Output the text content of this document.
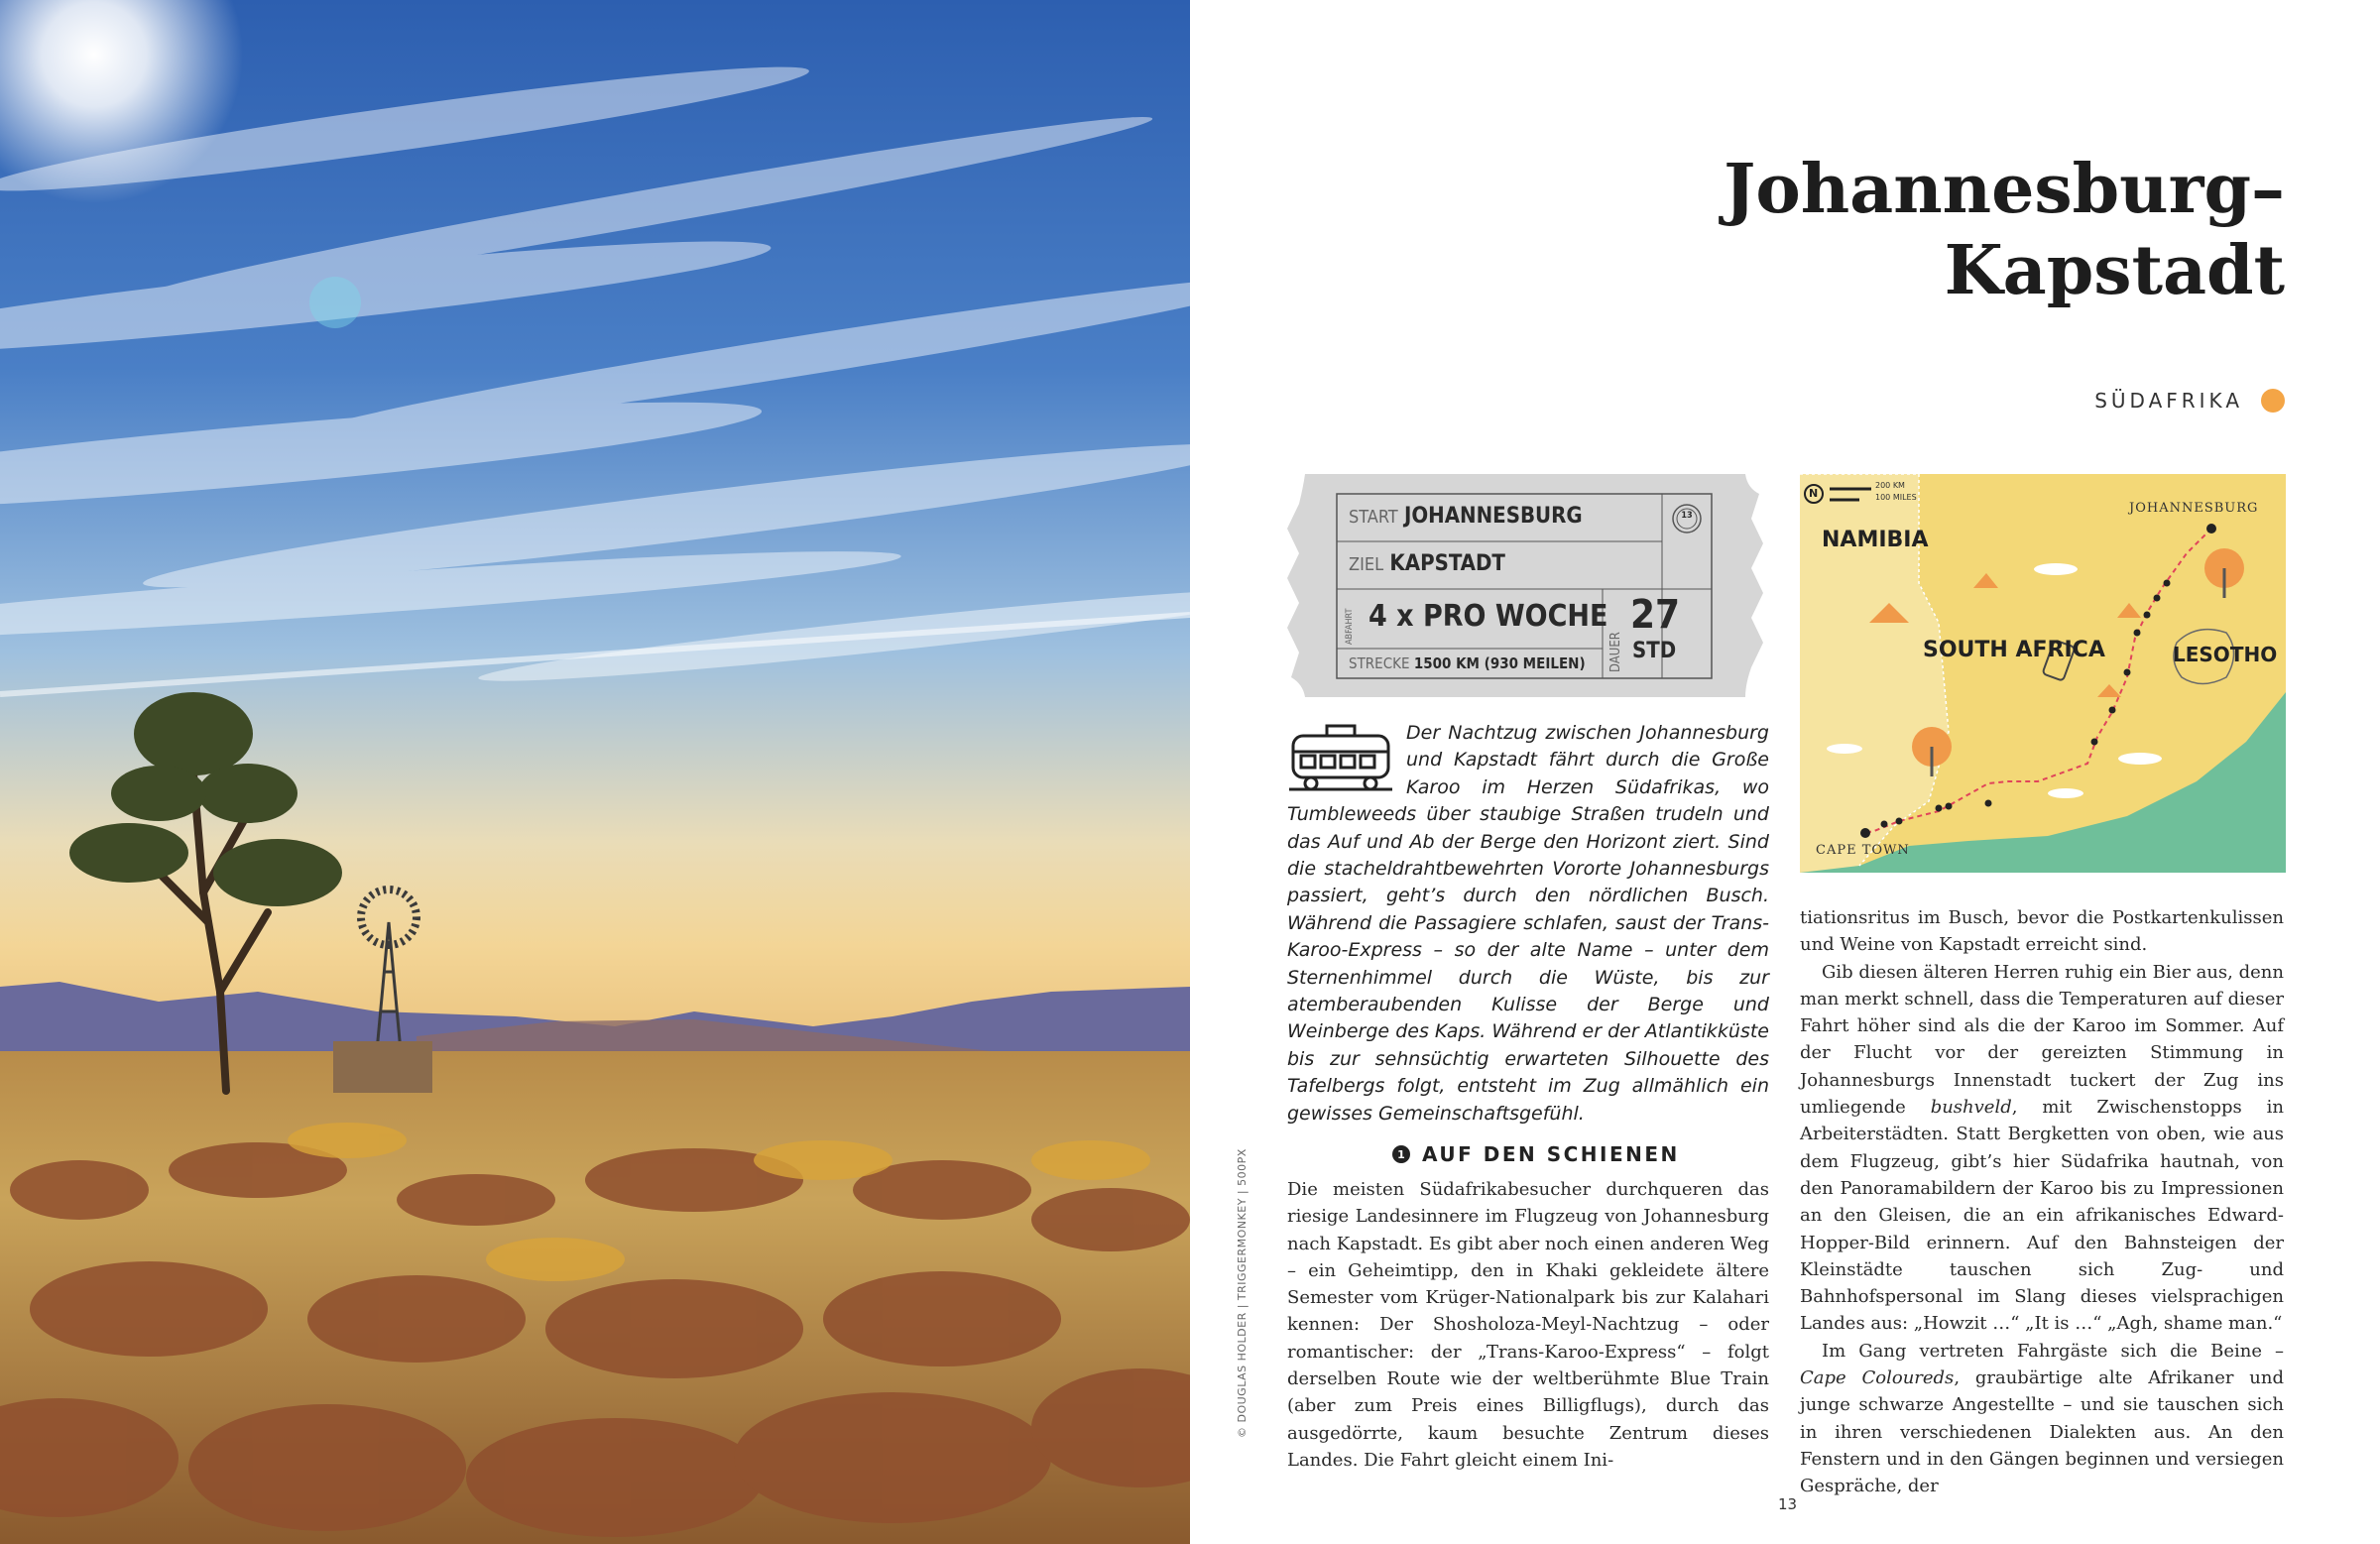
© DOUGLAS HOLDER | TRIGGERMONKEY | 500PX
Johannesburg–
Kapstadt
SÜDAFRIKA
START JOHANNESBURG
ZIEL KAPSTADT
ABFAHRT 4 x PRO WOCHE
STRECKE 1500 KM (930 MEILEN) DAUER
27
STD
13
Der Nachtzug zwischen Johannesburg und Kapstadt fährt durch die Große Karoo im Herzen Südafrikas, wo Tumbleweeds über staubige Straßen trudeln und das Auf und Ab der Berge den Horizont ziert. Sind die stacheldrahtbewehrten Vororte Johannesburgs passiert, geht’s durch den nördlichen Busch. Während die Passagiere schlafen, saust der Trans-Karoo-Express – so der alte Name – unter dem Sternenhimmel durch die Wüste, bis zur atemberaubenden Kulisse der Berge und Weinberge des Kaps. Während er der Atlantikküste bis zur sehnsüchtig erwarteten Silhouette des Tafelbergs folgt, entsteht im Zug allmählich ein gewisses Gemeinschaftsgefühl.
1 AUF DEN SCHIENEN

Die meisten Südafrikabesucher durchqueren das riesige Landesinnere im Flugzeug von Johannesburg nach Kapstadt. Es gibt aber noch einen anderen Weg – ein Geheimtipp, den in Khaki gekleidete ältere Semester vom Krüger-Nationalpark bis zur Kalahari kennen: Der Shosholoza-Meyl-Nachtzug – oder romantischer: der „Trans-Karoo-Express“ – folgt derselben Route wie der weltberühmte Blue Train (aber zum Preis eines Billigflugs), durch das ausgedörrte, kaum besuchte Zentrum dieses Landes. Die Fahrt gleicht einem Ini-

N
200 KM
100 MILES
NAMIBIA
SOUTH AFRICA	LESOTHO
JOHANNESBURG
CAPE TOWN

tiationsritus im Busch, bevor die Postkartenkulissen und Weine von Kapstadt erreicht sind.

Gib diesen älteren Herren ruhig ein Bier aus, denn man merkt schnell, dass die Temperaturen auf dieser Fahrt höher sind als die der Karoo im Sommer. Auf der Flucht vor der gereizten Stimmung in Johannesburgs Innenstadt tuckert der Zug ins umliegende bushveld, mit Zwischenstopps in Arbeiterstädten. Statt Bergketten von oben, wie aus dem Flugzeug, gibt’s hier Südafrika hautnah, von den Panoramabildern der Karoo bis zu Impressionen an den Gleisen, die an ein afrikanisches Edward-Hopper-Bild erinnern. Auf den Bahnsteigen der Kleinstädte tauschen sich Zug- und Bahnhofspersonal im Slang dieses vielsprachigen Landes aus: „Howzit …“ „It is …“ „Agh, shame man.“

Im Gang vertreten Fahrgäste sich die Beine – Cape Coloureds, graubärtige alte Afrikaner und junge schwarze Angestellte – und sie tauschen sich in ihren verschiedenen Dialekten aus. An den Fenstern und in den Gängen beginnen und versiegen Gespräche, der

13
